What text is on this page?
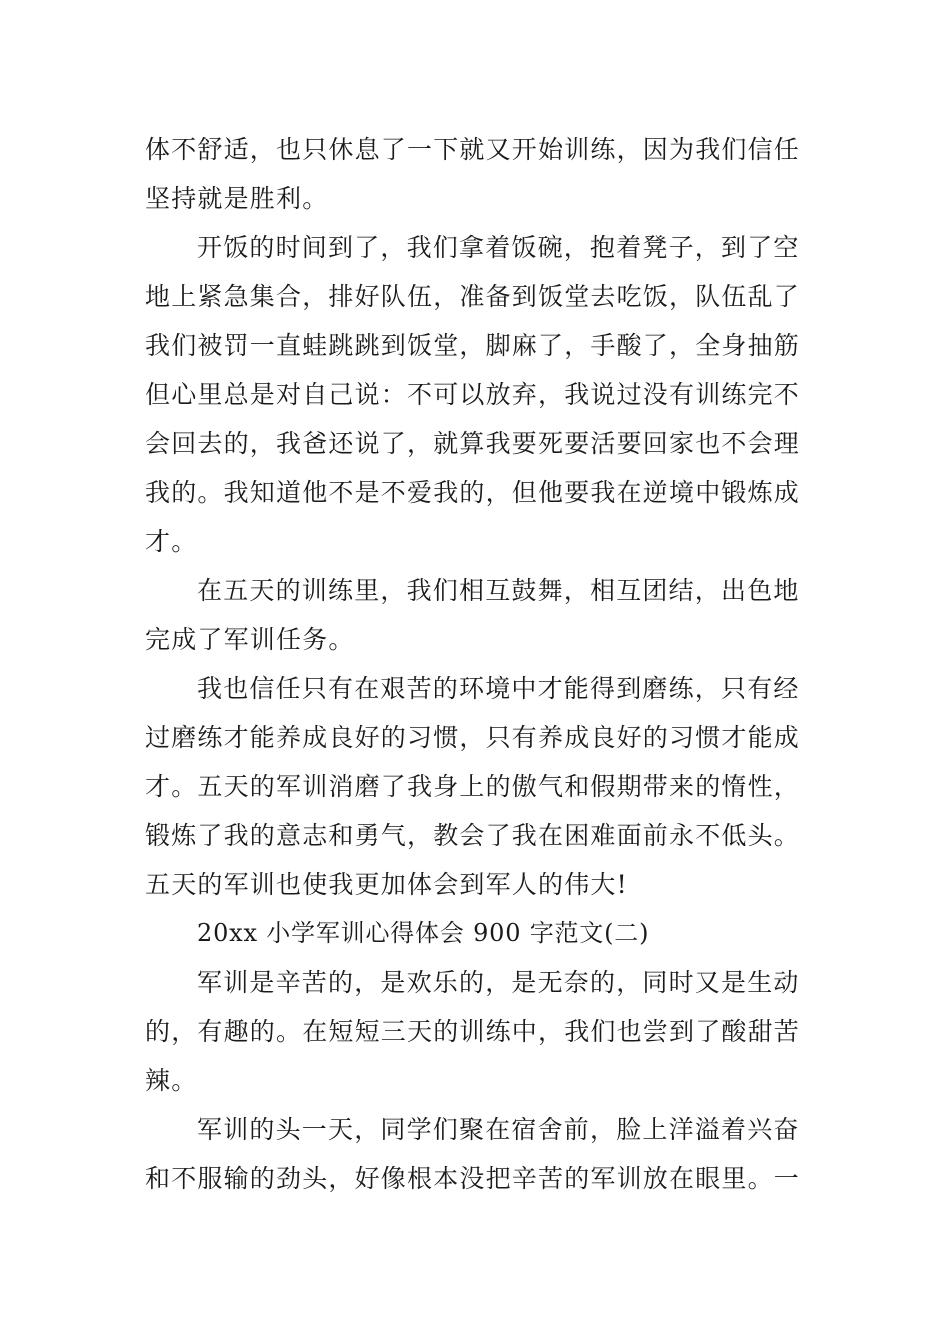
体不舒适，也只休息了一下就又开始训练，因为我们信任
坚持就是胜利。
开饭的时间到了，我们拿着饭碗，抱着凳子，到了空
地上紧急集合，排好队伍，准备到饭堂去吃饭，队伍乱了
我们被罚一直蛙跳跳到饭堂，脚麻了，手酸了，全身抽筋
但心里总是对自己说：不可以放弃，我说过没有训练完不
会回去的，我爸还说了，就算我要死要活要回家也不会理
我的。我知道他不是不爱我的，但他要我在逆境中锻炼成
才。
在五天的训练里，我们相互鼓舞，相互团结，出色地
完成了军训任务。
我也信任只有在艰苦的环境中才能得到磨练，只有经
过磨练才能养成良好的习惯，只有养成良好的习惯才能成
才。五天的军训消磨了我身上的傲气和假期带来的惰性，
锻炼了我的意志和勇气，教会了我在困难面前永不低头。
五天的军训也使我更加体会到军人的伟大!
20xx 小学军训心得体会 900 字范文(二)
军训是辛苦的，是欢乐的，是无奈的，同时又是生动
的，有趣的。在短短三天的训练中，我们也尝到了酸甜苦
辣。
军训的头一天，同学们聚在宿舍前，脸上洋溢着兴奋
和不服输的劲头，好像根本没把辛苦的军训放在眼里。一
